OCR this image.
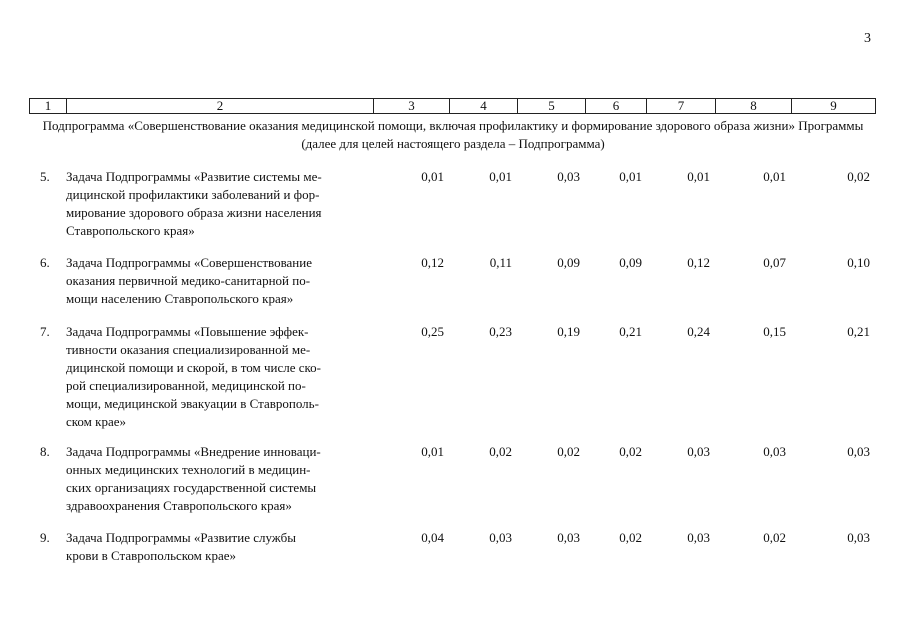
3
1	2	3	4	5	6	7	8	9
Подпрограмма «Совершенствование оказания медицинской помощи, включая профилактику и формирование здорового образа жизни» Программы (далее для целей настоящего раздела – Подпрограмма)
5. Задача Подпрограммы «Развитие системы ме-
дицинской профилактики заболеваний и фор-
мирование здорового образа жизни населения
Ставропольского края»
0,01	0,01	0,03	0,01	0,01	0,01	0,02
6. Задача Подпрограммы «Совершенствование
оказания первичной медико-санитарной по-
мощи населению Ставропольского края»
0,12	0,11	0,09	0,09	0,12	0,07	0,10
7. Задача Подпрограммы «Повышение эффек-
тивности оказания специализированной ме-
дицинской помощи и скорой, в том числе ско-
рой специализированной, медицинской по-
мощи, медицинской эвакуации в Ставрополь-
ском крае»
0,25	0,23	0,19	0,21	0,24	0,15	0,21
8. Задача Подпрограммы «Внедрение инноваци-
онных медицинских технологий в медицин-
ских организациях государственной системы
здравоохранения Ставропольского края»
0,01	0,02	0,02	0,02	0,03	0,03	0,03
9. Задача Подпрограммы «Развитие службы
крови в Ставропольском крае»
0,04	0,03	0,03	0,02	0,03	0,02	0,03
